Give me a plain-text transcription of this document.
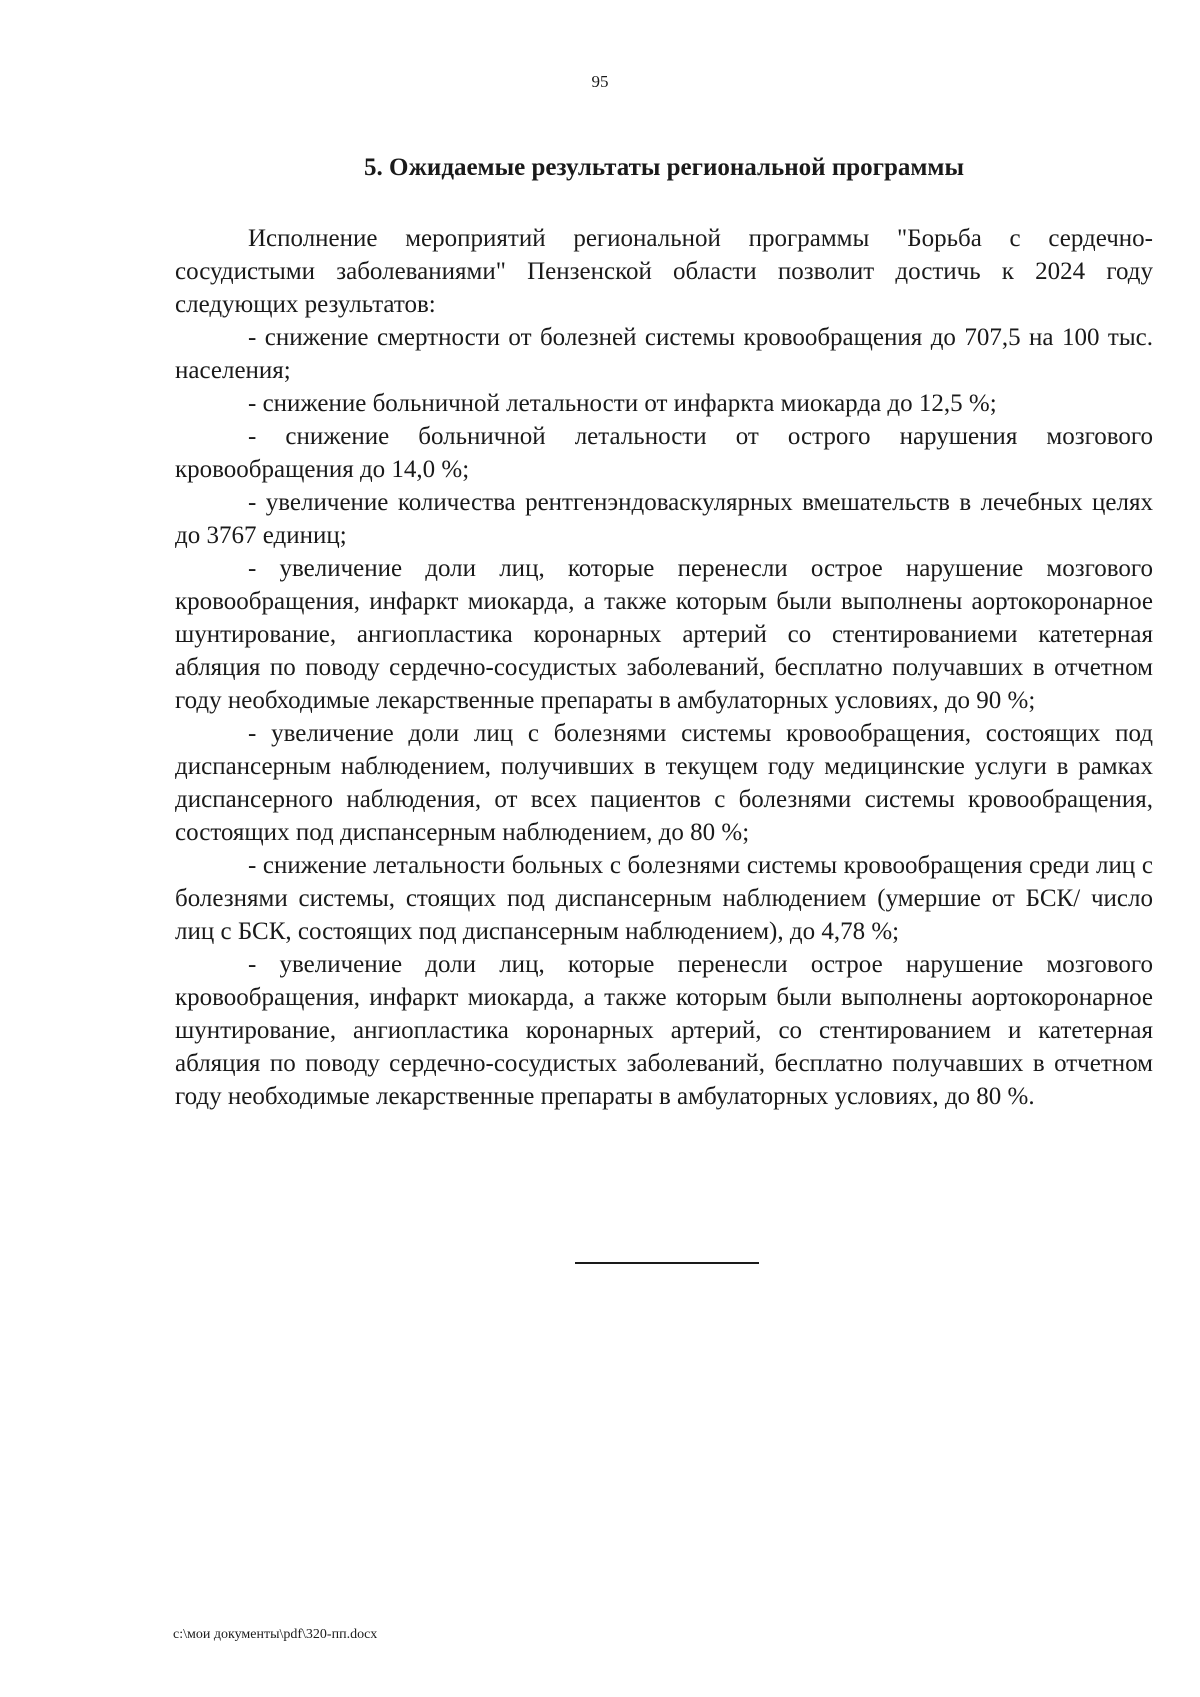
95
5. Ожидаемые результаты региональной программы

Исполнение мероприятий региональной программы "Борьба с сердечно-сосудистыми заболеваниями" Пензенской области позволит достичь к 2024 году следующих результатов:

- снижение смертности от болезней системы кровообращения до 707,5 на 100 тыс. населения;

- снижение больничной летальности от инфаркта миокарда до 12,5 %;

- снижение больничной летальности от острого нарушения мозгового кровообращения до 14,0 %;

- увеличение количества рентгенэндоваскулярных вмешательств в лечебных целях до 3767 единиц;

- увеличение доли лиц, которые перенесли острое нарушение мозгового кровообращения, инфаркт миокарда, а также которым были выполнены аортокоронарное шунтирование, ангиопластика коронарных артерий со стентированиеми катетерная абляция по поводу сердечно-сосудистых заболеваний, бесплатно получавших в отчетном году необходимые лекарственные препараты в амбулаторных условиях, до 90 %;

- увеличение доли лиц с болезнями системы кровообращения, состоящих под диспансерным наблюдением, получивших в текущем году медицинские услуги в рамках диспансерного наблюдения, от всех пациентов с болезнями системы кровообращения, состоящих под диспансерным наблюдением, до 80 %;

- снижение летальности больных с болезнями системы кровообращения среди лиц с болезнями системы, стоящих под диспансерным наблюдением (умершие от БСК/ число лиц с БСК, состоящих под диспансерным наблюдением), до 4,78 %;

- увеличение доли лиц, которые перенесли острое нарушение мозгового кровообращения, инфаркт миокарда, а также которым были выполнены аортокоронарное шунтирование, ангиопластика коронарных артерий, со стентированием и катетерная абляция по поводу сердечно-сосудистых заболеваний, бесплатно получавших в отчетном году необходимые лекарственные препараты в амбулаторных условиях, до 80 %.

c:\мои документы\pdf\320-пп.docx
